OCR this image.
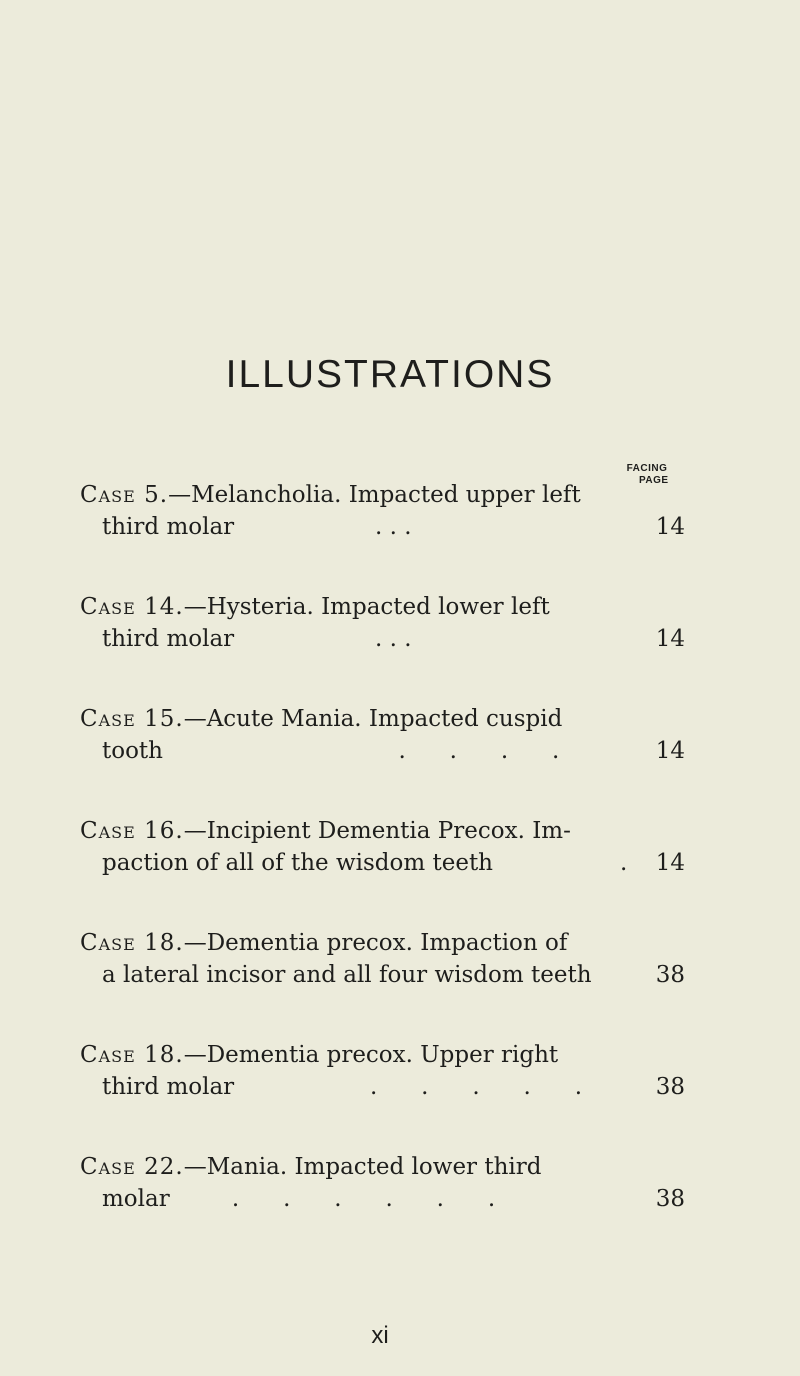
ILLUSTRATIONS
FACING
PAGE
Case 5.—Melancholia. Impacted upper left
third molar	. . .	14
Case 14.—Hysteria. Impacted lower left
third molar	. . .	14
Case 15.—Acute Mania. Impacted cuspid
tooth	.      .      .      .	14
Case 16.—Incipient Dementia Precox. Im-
paction of all of the wisdom teeth	. 14
Case 18.—Dementia precox. Impaction of
a lateral incisor and all four wisdom teeth	38
Case 18.—Dementia precox. Upper right
third molar	.      .      .      .      .	38
Case 22.—Mania. Impacted lower third
molar .      .      .      .      .      .	38
xi
